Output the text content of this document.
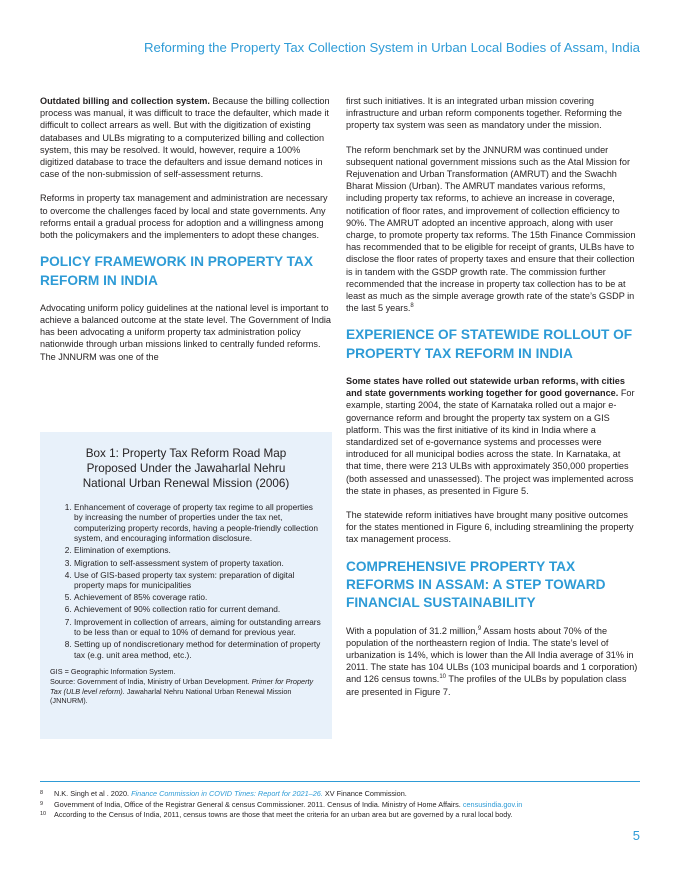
Reforming the Property Tax Collection System in Urban Local Bodies of Assam, India

Outdated billing and collection system. Because the billing collection process was manual, it was difficult to trace the defaulter, which made it difficult to collect arrears as well. But with the digitization of existing databases and ULBs migrating to a computerized billing and collection system, this may be resolved. It would, however, require a 100% digitized database to trace the defaulters and issue demand notices in case of the non-submission of self-assessment returns.

Reforms in property tax management and administration are necessary to overcome the challenges faced by local and state governments. Any reforms entail a gradual process for adoption and a willingness among both the policymakers and the implementers to adopt these changes.

POLICY FRAMEWORK IN PROPERTY TAX REFORM IN INDIA

Advocating uniform policy guidelines at the national level is important to achieve a balanced outcome at the state level. The Government of India has been advocating a uniform property tax administration policy nationwide through urban missions linked to centrally funded reforms. The JNNURM was one of the

Box 1: Property Tax Reform Road Map Proposed Under the Jawaharlal Nehru National Urban Renewal Mission (2006)
1. Enhancement of coverage of property tax regime to all properties by increasing the number of properties under the tax net, computerizing property records, having a people-friendly collection system, and encouraging information disclosure.
2. Elimination of exemptions.
3. Migration to self-assessment system of property taxation.
4. Use of GIS-based property tax system: preparation of digital property maps for municipalities
5. Achievement of 85% coverage ratio.
6. Achievement of 90% collection ratio for current demand.
7. Improvement in collection of arrears, aiming for outstanding arrears to be less than or equal to 10% of demand for previous year.
8. Setting up of nondiscretionary method for determination of property tax (e.g. unit area method, etc.).
GIS = Geographic Information System.
Source: Government of India, Ministry of Urban Development. Primer for Property Tax (ULB level reform). Jawaharlal Nehru National Urban Renewal Mission (JNNURM).

first such initiatives. It is an integrated urban mission covering infrastructure and urban reform components together. Reforming the property tax system was seen as mandatory under the mission.

The reform benchmark set by the JNNURM was continued under subsequent national government missions such as the Atal Mission for Rejuvenation and Urban Transformation (AMRUT) and the Swachh Bharat Mission (Urban). The AMRUT mandates various reforms, including property tax reforms, to achieve an increase in coverage, notification of floor rates, and improvement of collection efficiency to 90%. The AMRUT adopted an incentive approach, along with user charge, to promote property tax reforms. The 15th Finance Commission has recommended that to be eligible for receipt of grants, ULBs have to disclose the floor rates of property taxes and ensure that their collection is in tandem with the GSDP growth rate. The commission further recommended that the increase in property tax collection has to be at least as much as the simple average growth rate of the state’s GSDP in the last 5 years.$^8$

EXPERIENCE OF STATEWIDE ROLLOUT OF PROPERTY TAX REFORM IN INDIA

Some states have rolled out statewide urban reforms, with cities and state governments working together for good governance. For example, starting 2004, the state of Karnataka rolled out a major e-governance reform and brought the property tax system on a GIS platform. This was the first initiative of its kind in India where a standardized set of e-governance systems and processes were introduced for all municipal bodies across the state. In Karnataka, at that time, there were 213 ULBs with approximately 350,000 properties (both assessed and unassessed). The project was implemented across the state in phases, as presented in Figure 5.

The statewide reform initiatives have brought many positive outcomes for the states mentioned in Figure 6, including streamlining the property tax management process.

COMPREHENSIVE PROPERTY TAX REFORMS IN ASSAM: A STEP TOWARD FINANCIAL SUSTAINABILITY

With a population of 31.2 million,$^9$ Assam hosts about 70% of the population of the northeastern region of India. The state’s level of urbanization is 14%, which is lower than the All India average of 31% in 2011. The state has 104 ULBs (103 municipal boards and 1 corporation) and 126 census towns.$^{10}$ The profiles of the ULBs by population class are presented in Figure 7.

8 N.K. Singh et al . 2020. Finance Commission in COVID Times: Report for 2021–26. XV Finance Commission.
9 Government of India, Office of the Registrar General & census Commissioner. 2011. Census of India. Ministry of Home Affairs. censusindia.gov.in
10 According to the Census of India, 2011, census towns are those that meet the criteria for an urban area but are governed by a rural local body.
5
